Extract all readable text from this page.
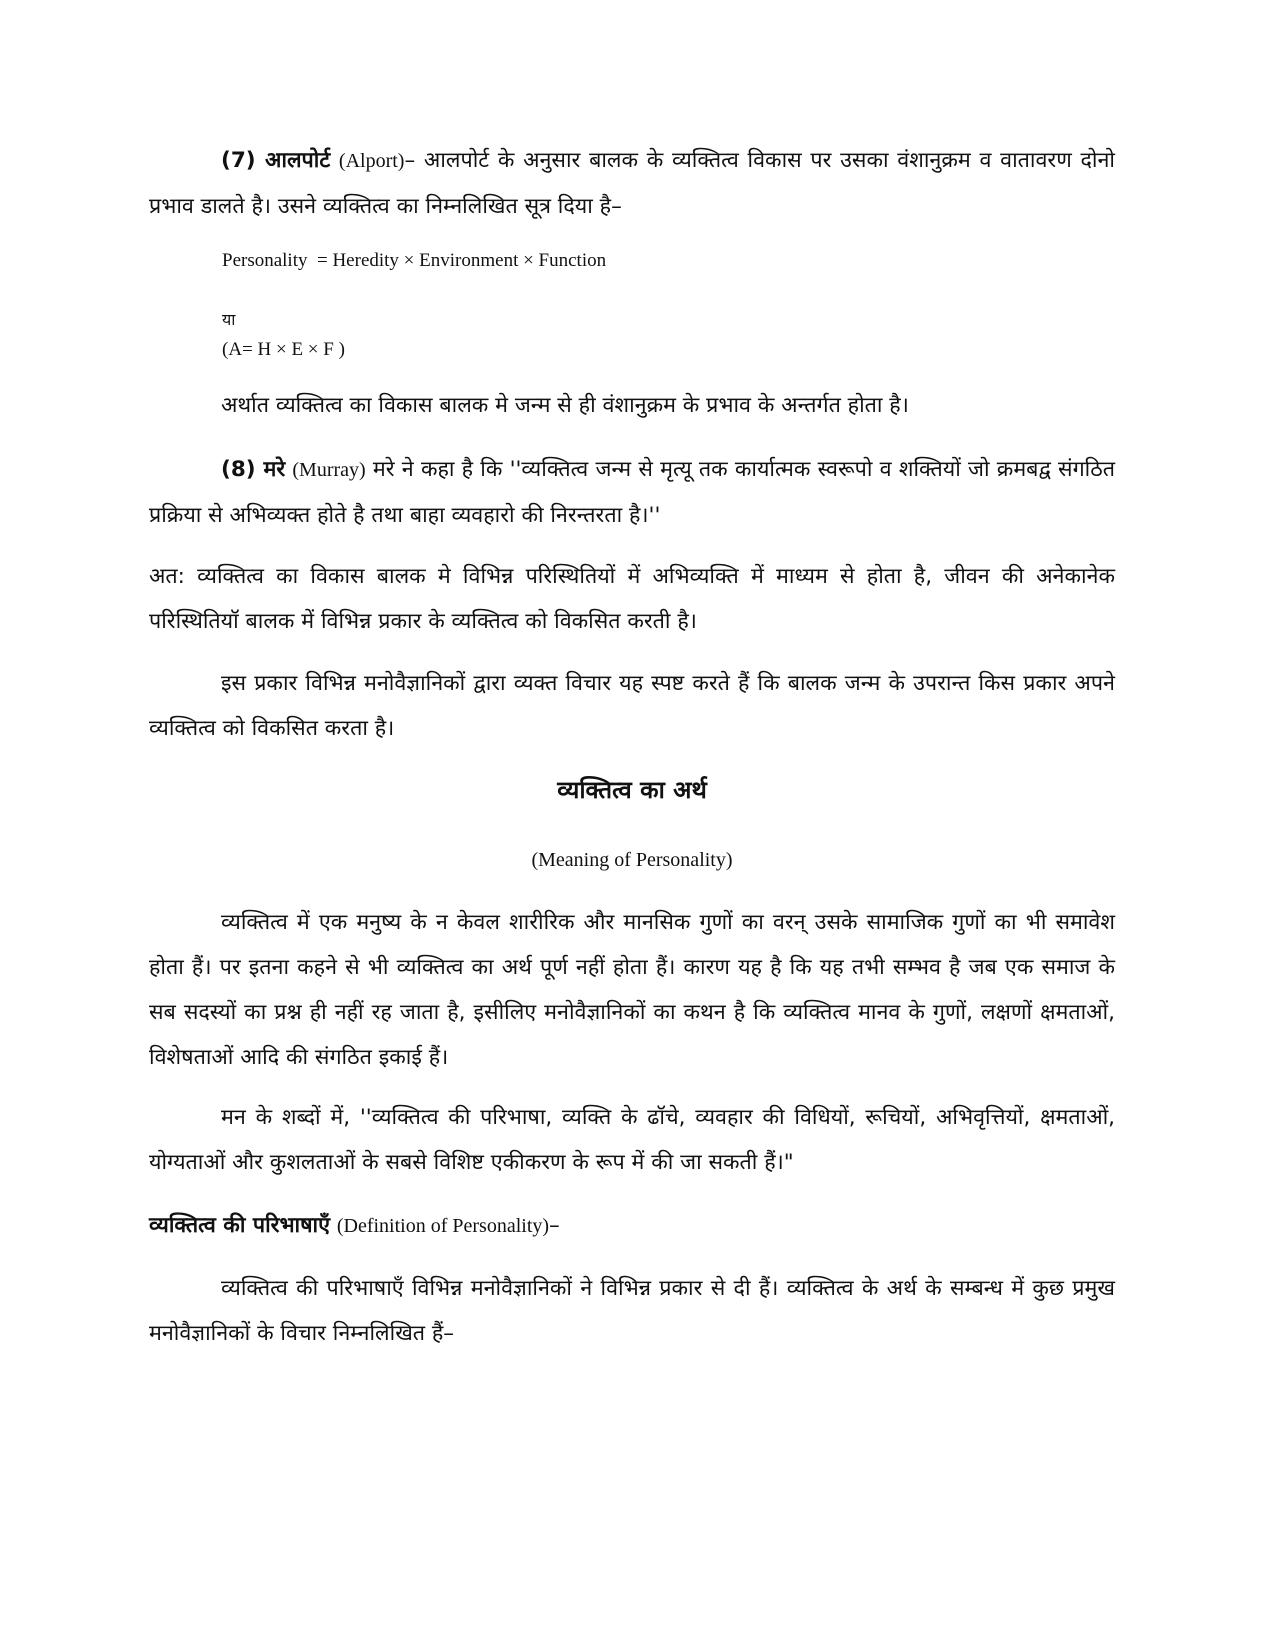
(7) आलपोर्ट (Alport)– आलपोर्ट के अनुसार बालक के व्यक्तित्व विकास पर उसका वंशानुक्रम व वातावरण दोनो प्रभाव डालते है। उसने व्यक्तित्व का निम्नलिखित सूत्र दिया है–

Personality  = Heredity × Environment × Function

या

(A= H × E × F )

अर्थात व्यक्तित्व का विकास बालक मे जन्म से ही वंशानुक्रम के प्रभाव के अन्तर्गत होता है।

(8) मरे (Murray) मरे ने कहा है कि ''व्यक्तित्व जन्म से मृत्यू तक कार्यात्मक स्वरूपो व शक्तियों जो क्रमबद्व संगठित प्रक्रिया से अभिव्यक्त होते है तथा बाहा व्यवहारो की निरन्तरता है।''

अत: व्यक्तित्व का विकास बालक मे विभिन्न परिस्थितियों में अभिव्यक्ति में माध्यम से होता है, जीवन की अनेकानेक परिस्थितियॉ बालक में विभिन्न प्रकार के व्यक्तित्व को विकसित करती है।

इस प्रकार विभिन्न मनोवैज्ञानिकों द्वारा व्यक्त विचार यह स्पष्ट करते हैं कि बालक जन्म के उपरान्त किस प्रकार अपने व्यक्तित्व को विकसित करता है।

व्यक्तित्व का अर्थ

(Meaning of Personality)

व्यक्तित्व में एक मनुष्य के न केवल शारीरिक और मानसिक गुणों का वरन् उसके सामाजिक गुणों का भी समावेश होता हैं। पर इतना कहने से भी व्यक्तित्व का अर्थ पूर्ण नहीं होता हैं। कारण यह है कि यह तभी सम्भव है जब एक समाज के सब सदस्यों का प्रश्न ही नहीं रह जाता है, इसीलिए मनोवैज्ञानिकों का कथन है कि व्यक्तित्व मानव के गुणों, लक्षणों क्षमताओं, विशेषताओं आदि की संगठित इकाई हैं।

मन के शब्दों में, ''व्यक्तित्व की परिभाषा, व्यक्ति के ढॉचे, व्यवहार की विधियों, रूचियों, अभिवृत्तियों, क्षमताओं, योग्यताओं और कुशलताओं के सबसे विशिष्ट एकीकरण के रूप में की जा सकती हैं।"

व्यक्तित्व की परिभाषाएँ (Definition of Personality)–

व्यक्तित्व की परिभाषाएँ विभिन्न मनोवैज्ञानिकों ने विभिन्न प्रकार से दी हैं। व्यक्तित्व के अर्थ के सम्बन्ध में कुछ प्रमुख मनोवैज्ञानिकों के विचार निम्नलिखित हैं–
